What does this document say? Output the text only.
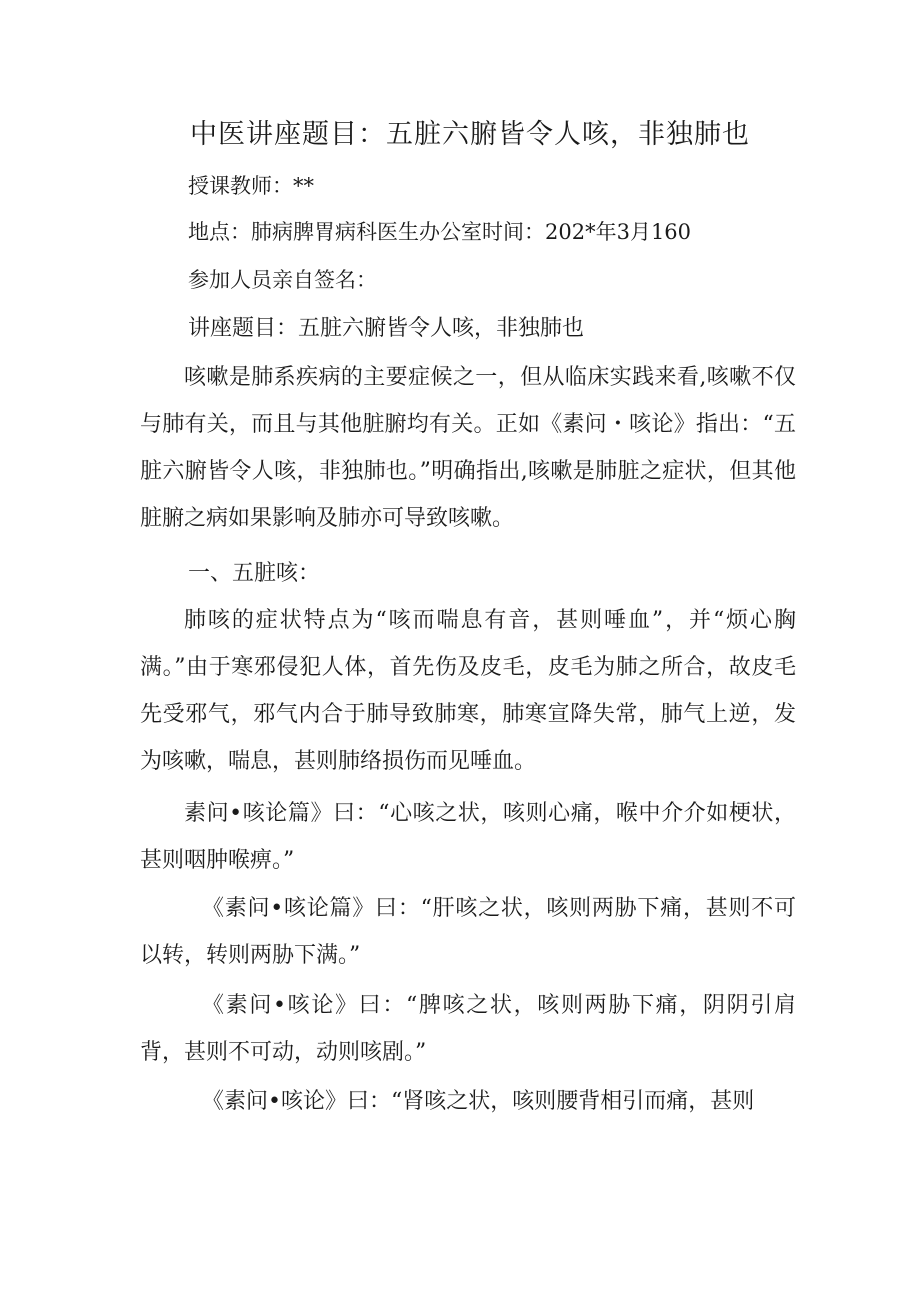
中医讲座题目：五脏六腑皆令人咳，非独肺也
授课教师：**
地点：肺病脾胃病科医生办公室时间：202*年3月160
参加人员亲自签名：
讲座题目：五脏六腑皆令人咳，非独肺也

咳嗽是肺系疾病的主要症候之一，但从临床实践来看,咳嗽不仅与肺有关，而且与其他脏腑均有关。正如《素问・咳论》指出：“五脏六腑皆令人咳，非独肺也。”明确指出,咳嗽是肺脏之症状，但其他脏腑之病如果影响及肺亦可导致咳嗽。

一、五脏咳：

肺咳的症状特点为“咳而喘息有音，甚则唾血”，并“烦心胸满。”由于寒邪侵犯人体，首先伤及皮毛，皮毛为肺之所合，故皮毛先受邪气，邪气内合于肺导致肺寒，肺寒宣降失常，肺气上逆，发为咳嗽，喘息，甚则肺络损伤而见唾血。

素问•咳论篇》曰：“心咳之状，咳则心痛，喉中介介如梗状，甚则咽肿喉痹。”

《素问•咳论篇》曰：“肝咳之状，咳则两胁下痛，甚则不可以转，转则两胁下满。”

《素问•咳论》曰：“脾咳之状，咳则两胁下痛，阴阴引肩背，甚则不可动，动则咳剧。”

《素问•咳论》曰：“肾咳之状，咳则腰背相引而痛，甚则
